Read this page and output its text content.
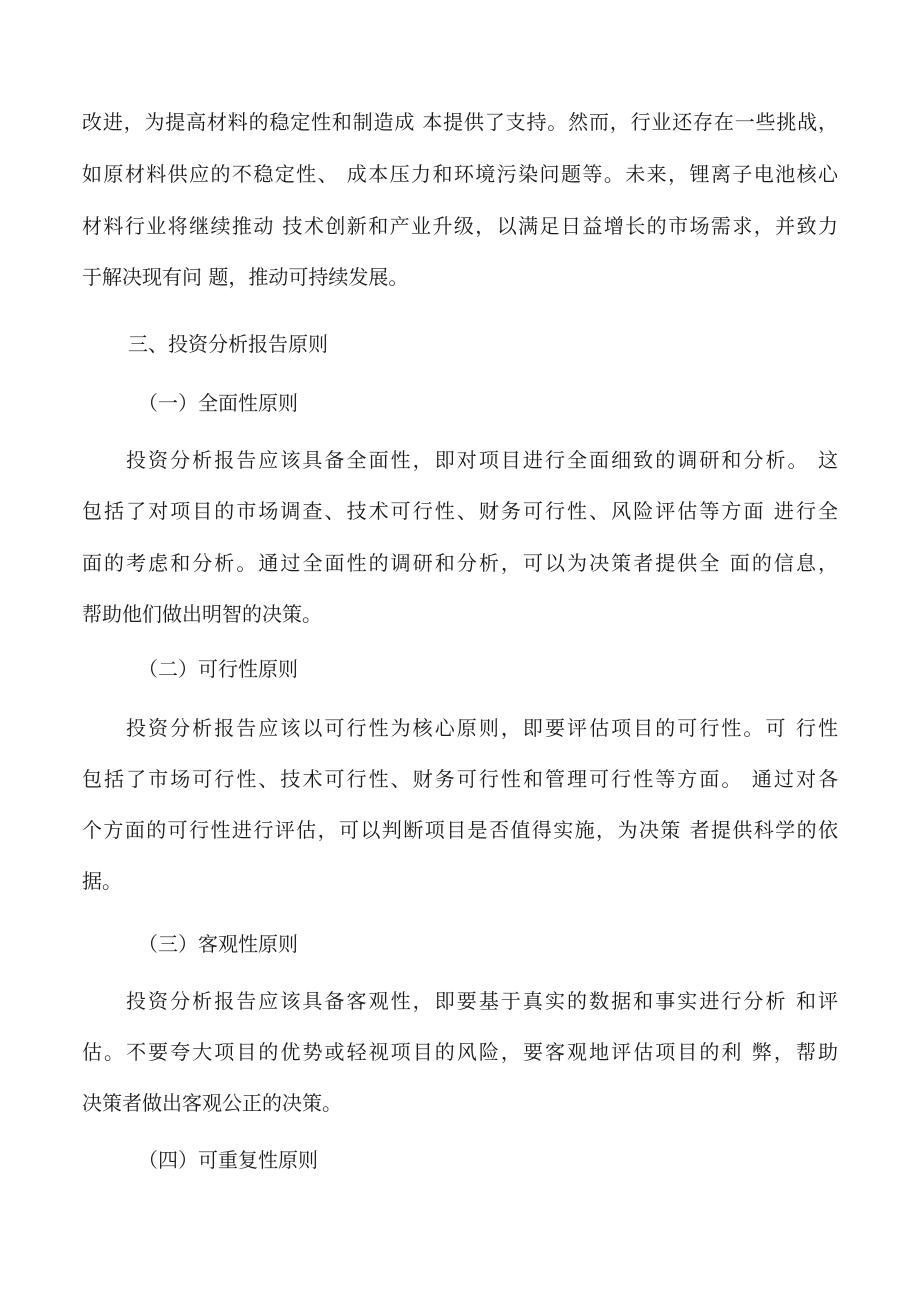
改进，为提高材料的稳定性和制造成 本提供了支持。然而，行业还存在一些挑战，
如原材料供应的不稳定性、 成本压力和环境污染问题等。未来，锂离子电池核心
材料行业将继续推动 技术创新和产业升级，以满足日益增长的市场需求，并致力
于解决现有问 题，推动可持续发展。
三、投资分析报告原则
（一）全面性原则
投资分析报告应该具备全面性，即对项目进行全面细致的调研和分析。 这
包括了对项目的市场调查、技术可行性、财务可行性、风险评估等方面 进行全
面的考虑和分析。通过全面性的调研和分析，可以为决策者提供全 面的信息，
帮助他们做出明智的决策。
（二）可行性原则
投资分析报告应该以可行性为核心原则，即要评估项目的可行性。可 行性
包括了市场可行性、技术可行性、财务可行性和管理可行性等方面。 通过对各
个方面的可行性进行评估，可以判断项目是否值得实施，为决策 者提供科学的依
据。
（三）客观性原则
投资分析报告应该具备客观性，即要基于真实的数据和事实进行分析 和评
估。不要夸大项目的优势或轻视项目的风险，要客观地评估项目的利 弊，帮助
决策者做出客观公正的决策。
（四）可重复性原则
